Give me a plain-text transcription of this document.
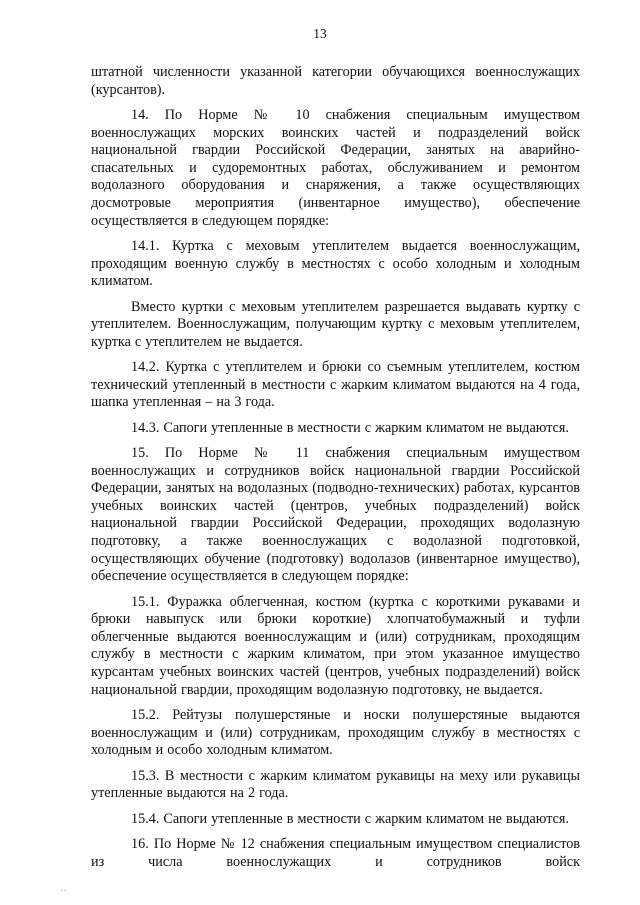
13

штатной численности указанной категории обучающихся военнослужащих (курсантов).

14. По Норме № 10 снабжения специальным имуществом военнослужащих морских воинских частей и подразделений войск национальной гвардии Российской Федерации, занятых на аварийно-спасательных и судоремонтных работах, обслуживанием и ремонтом водолазного оборудования и снаряжения, а также осуществляющих досмотровые мероприятия (инвентарное имущество), обеспечение осуществляется в следующем порядке:

14.1. Куртка с меховым утеплителем выдается военнослужащим, проходящим военную службу в местностях с особо холодным и холодным климатом.

Вместо куртки с меховым утеплителем разрешается выдавать куртку с утеплителем. Военнослужащим, получающим куртку с меховым утеплителем, куртка с утеплителем не выдается.

14.2. Куртка с утеплителем и брюки со съемным утеплителем, костюм технический утепленный в местности с жарким климатом выдаются на 4 года, шапка утепленная – на 3 года.

14.3. Сапоги утепленные в местности с жарким климатом не выдаются.

15. По Норме № 11 снабжения специальным имуществом военнослужащих и сотрудников войск национальной гвардии Российской Федерации, занятых на водолазных (подводно-технических) работах, курсантов учебных воинских частей (центров, учебных подразделений) войск национальной гвардии Российской Федерации, проходящих водолазную подготовку, а также военнослужащих с водолазной подготовкой, осуществляющих обучение (подготовку) водолазов (инвентарное имущество), обеспечение осуществляется в следующем порядке:

15.1. Фуражка облегченная, костюм (куртка с короткими рукавами и брюки навыпуск или брюки короткие) хлопчатобумажный и туфли облегченные выдаются военнослужащим и (или) сотрудникам, проходящим службу в местности с жарким климатом, при этом указанное имущество курсантам учебных воинских частей (центров, учебных подразделений) войск национальной гвардии, проходящим водолазную подготовку, не выдается.

15.2. Рейтузы полушерстяные и носки полушерстяные выдаются военнослужащим и (или) сотрудникам, проходящим службу в местностях с холодным и особо холодным климатом.

15.3. В местности с жарким климатом рукавицы на меху или рукавицы утепленные выдаются на 2 года.

15.4. Сапоги утепленные в местности с жарким климатом не выдаются.

16. По Норме № 12 снабжения специальным имуществом специалистов из числа военнослужащих и сотрудников войск

··
